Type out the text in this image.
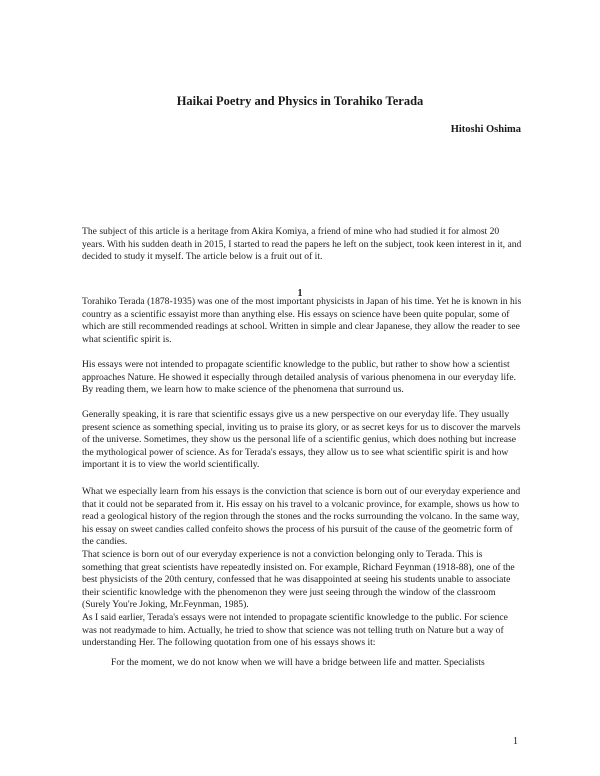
Haikai Poetry and Physics in Torahiko Terada
Hitoshi Oshima

The subject of this article is a heritage from Akira Komiya, a friend of mine who had studied it for almost 20 years. With his sudden death in 2015, I started to read the papers he left on the subject, took keen interest in it, and decided to study it myself. The article below is a fruit out of it.

1

Torahiko Terada (1878-1935) was one of the most important physicists in Japan of his time. Yet he is known in his country as a scientific essayist more than anything else. His essays on science have been quite popular, some of which are still recommended readings at school. Written in simple and clear Japanese, they allow the reader to see what scientific spirit is.

His essays were not intended to propagate scientific knowledge to the public, but rather to show how a scientist approaches Nature. He showed it especially through detailed analysis of various phenomena in our everyday life. By reading them, we learn how to make science of the phenomena that surround us.

Generally speaking, it is rare that scientific essays give us a new perspective on our everyday life. They usually present science as something special, inviting us to praise its glory, or as secret keys for us to discover the marvels of the universe. Sometimes, they show us the personal life of a scientific genius, which does nothing but increase the mythological power of science. As for Terada's essays, they allow us to see what scientific spirit is and how important it is to view the world scientifically.

What we especially learn from his essays is the conviction that science is born out of our everyday experience and that it could not be separated from it. His essay on his travel to a volcanic province, for example, shows us how to read a geological history of the region through the stones and the rocks surrounding the volcano. In the same way, his essay on sweet candies called confeito shows the process of his pursuit of the cause of the geometric form of the candies.

That science is born out of our everyday experience is not a conviction belonging only to Terada. This is something that great scientists have repeatedly insisted on. For example, Richard Feynman (1918-88), one of the best physicists of the 20th century, confessed that he was disappointed at seeing his students unable to associate their scientific knowledge with the phenomenon they were just seeing through the window of the classroom (Surely You're Joking, Mr.Feynman, 1985).

As I said earlier, Terada's essays were not intended to propagate scientific knowledge to the public. For science was not readymade to him. Actually, he tried to show that science was not telling truth on Nature but a way of understanding Her. The following quotation from one of his essays shows it:

For the moment, we do not know when we will have a bridge between life and matter. Specialists

1
